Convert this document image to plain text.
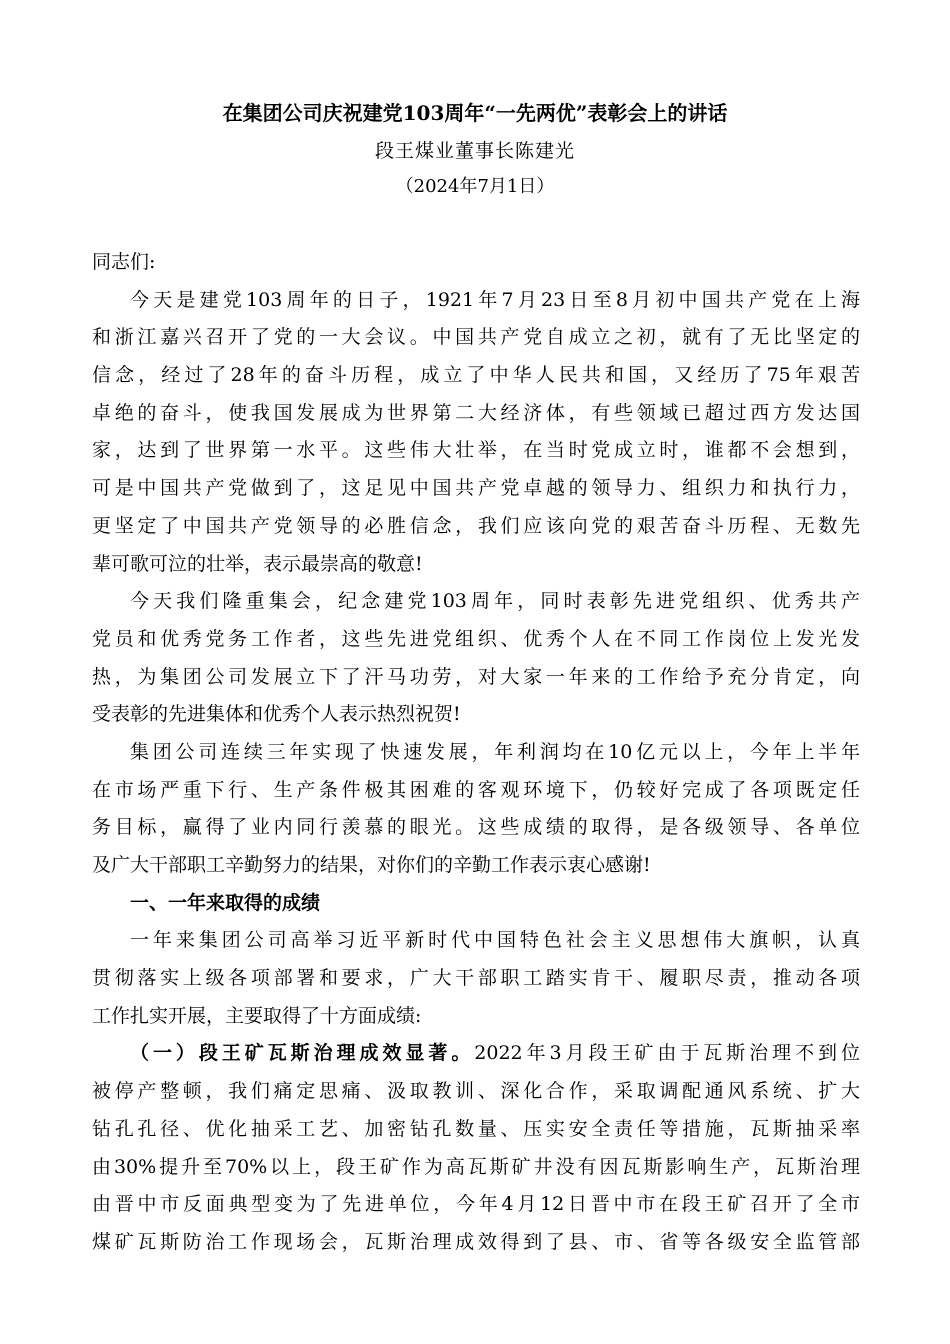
在集团公司庆祝建党103周年“一先两优”表彰会上的讲话
段王煤业董事长陈建光
（2024年7月1日）
同志们:
今天是建党103周年的日子，1921年7月23日至8月初中国共产党在上海
和浙江嘉兴召开了党的一大会议。中国共产党自成立之初，就有了无比坚定的
信念，经过了28年的奋斗历程，成立了中华人民共和国，又经历了75年艰苦
卓绝的奋斗，使我国发展成为世界第二大经济体，有些领域已超过西方发达国
家，达到了世界第一水平。这些伟大壮举，在当时党成立时，谁都不会想到，
可是中国共产党做到了，这足见中国共产党卓越的领导力、组织力和执行力，
更坚定了中国共产党领导的必胜信念，我们应该向党的艰苦奋斗历程、无数先
辈可歌可泣的壮举，表示最崇高的敬意!
今天我们隆重集会，纪念建党103周年，同时表彰先进党组织、优秀共产
党员和优秀党务工作者，这些先进党组织、优秀个人在不同工作岗位上发光发
热，为集团公司发展立下了汗马功劳，对大家一年来的工作给予充分肯定，向
受表彰的先进集体和优秀个人表示热烈祝贺!
集团公司连续三年实现了快速发展，年利润均在10亿元以上，今年上半年
在市场严重下行、生产条件极其困难的客观环境下，仍较好完成了各项既定任
务目标，赢得了业内同行羡慕的眼光。这些成绩的取得，是各级领导、各单位
及广大干部职工辛勤努力的结果，对你们的辛勤工作表示衷心感谢!
一、一年来取得的成绩
一年来集团公司高举习近平新时代中国特色社会主义思想伟大旗帜，认真
贯彻落实上级各项部署和要求，广大干部职工踏实肯干、履职尽责，推动各项
工作扎实开展，主要取得了十方面成绩:
（一）段王矿瓦斯治理成效显著。2022年3月段王矿由于瓦斯治理不到位
被停产整顿，我们痛定思痛、汲取教训、深化合作，采取调配通风系统、扩大
钻孔孔径、优化抽采工艺、加密钻孔数量、压实安全责任等措施，瓦斯抽采率
由30%提升至70%以上，段王矿作为高瓦斯矿井没有因瓦斯影响生产，瓦斯治理
由晋中市反面典型变为了先进单位，今年4月12日晋中市在段王矿召开了全市
煤矿瓦斯防治工作现场会，瓦斯治理成效得到了县、市、省等各级安全监管部
